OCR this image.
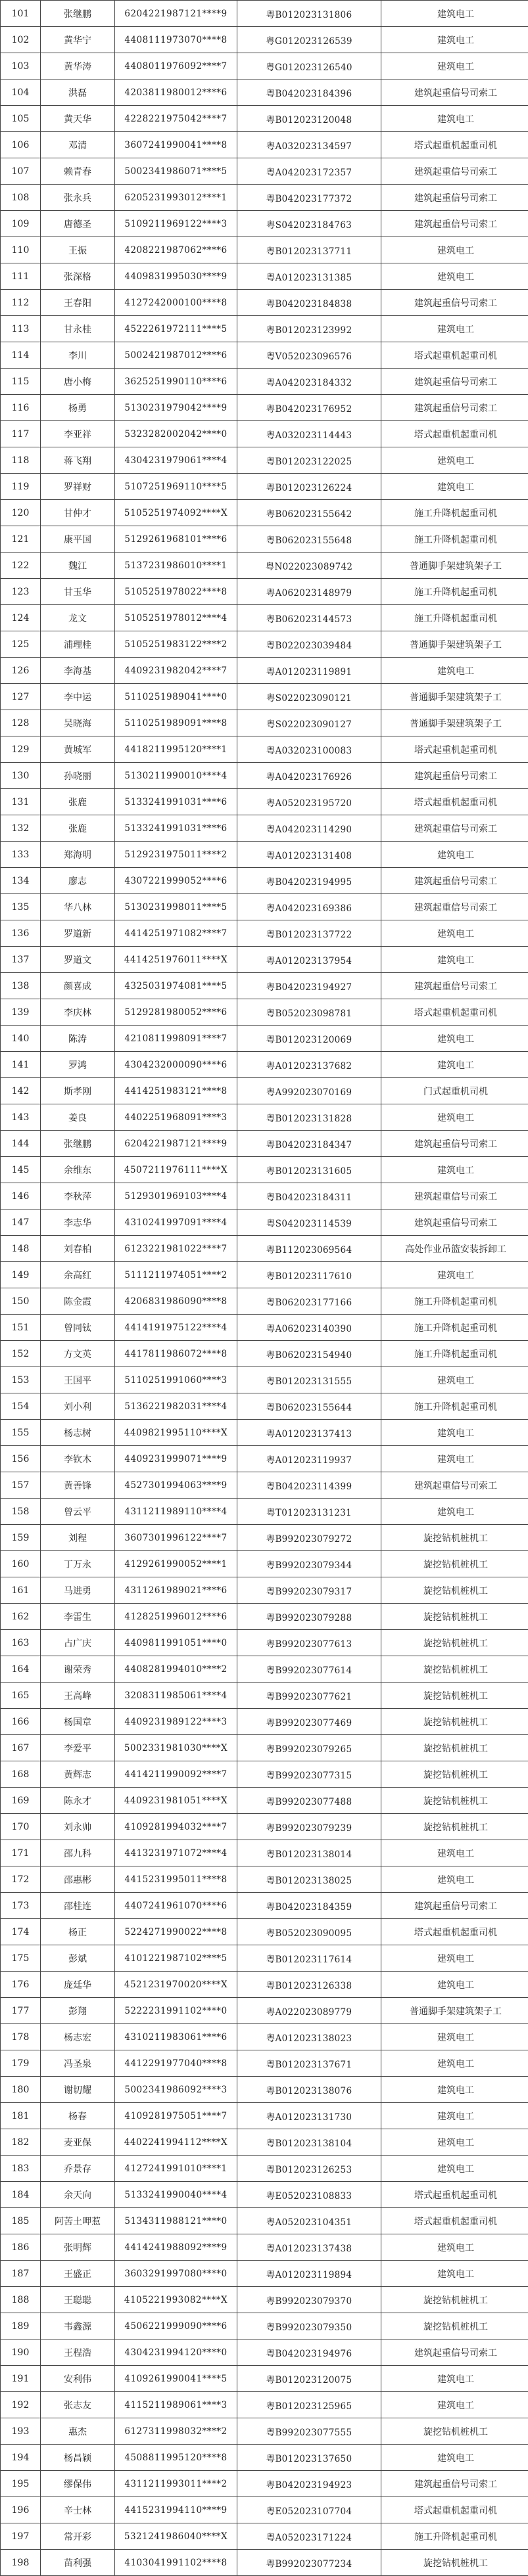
101	张继鹏	6204221987121****9	粤B012023131806	建筑电工
102	黄华宁	4408111973070****8	粤G012023126539	建筑电工
103	黄华涛	4408011976092****7	粤G012023126540	建筑电工
104	洪磊	4203811980012****6	粤B042023184396	建筑起重信号司索工
105	黄天华	4228221975042****7	粤B012023120048	建筑电工
106	邓清	3607241990041****8	粤A032023134597	塔式起重机起重司机
107	赖青春	5002341986071****5	粤A042023172357	建筑起重信号司索工
108	张永兵	6205231993012****1	粤B042023177372	建筑起重信号司索工
109	唐德圣	5109211969122****3	粤S042023184763	建筑起重信号司索工
110	王振	4208221987062****6	粤B012023137711	建筑电工
111	张深格	4409831995030****9	粤A012023131385	建筑电工
112	王春阳	4127242000100****8	粤B042023184838	建筑起重信号司索工
113	甘永桂	4522261972111****5	粤B012023123992	建筑电工
114	李川	5002421987012****6	粤V052023096576	塔式起重机起重司机
115	唐小梅	3625251990110****6	粤A042023184332	建筑起重信号司索工
116	杨勇	5130231979042****9	粤B042023176952	建筑起重信号司索工
117	李亚祥	5323282002042****0	粤A032023114443	塔式起重机起重司机
118	蒋飞翔	4304231979061****4	粤B012023122025	建筑电工
119	罗祥财	5107251969110****5	粤B012023126224	建筑电工
120	甘仲才	5105251974092****X	粤B062023155642	施工升降机起重司机
121	康平国	5129261968101****6	粤B062023155648	施工升降机起重司机
122	魏江	5137231986010****1	粤N022023089742	普通脚手架建筑架子工
123	甘玉华	5105251978022****8	粤A062023148979	施工升降机起重司机
124	龙文	5105251978012****4	粤B062023144573	施工升降机起重司机
125	浦理桂	5105251983122****2	粤B022023039484	普通脚手架建筑架子工
126	李海基	4409231982042****7	粤A012023119891	建筑电工
127	李中运	5110251989041****0	粤S022023090121	普通脚手架建筑架子工
128	吴晓海	5110251989091****8	粤S022023090127	普通脚手架建筑架子工
129	黄城军	4418211995120****1	粤A032023100083	塔式起重机起重司机
130	孙晓丽	5130211990010****4	粤A042023176926	建筑起重信号司索工
131	张鹿	5133241991031****6	粤A052023195720	塔式起重机起重司机
132	张鹿	5133241991031****6	粤A042023114290	建筑起重信号司索工
133	郑海明	5129231975011****2	粤A012023131408	建筑电工
134	廖志	4307221999052****6	粤B042023194995	建筑起重信号司索工
135	华八林	5130231998011****5	粤A042023169386	建筑起重信号司索工
136	罗道新	4414251971082****7	粤B012023137722	建筑电工
137	罗道文	4414251976011****X	粤A012023137954	建筑电工
138	颜喜成	4325031974081****5	粤B042023194927	建筑起重信号司索工
139	李庆林	5129281980052****6	粤B052023098781	塔式起重机起重司机
140	陈涛	4210811998091****7	粤B012023120069	建筑电工
141	罗鸿	4304232000090****6	粤A012023137682	建筑电工
142	斯孝刚	4414251983121****8	粤A992023070169	门式起重机司机
143	姜良	4402251968091****3	粤B012023131828	建筑电工
144	张继鹏	6204221987121****9	粤B042023184347	建筑起重信号司索工
145	余维东	4507211976111****X	粤B012023131605	建筑电工
146	李秋萍	5129301969103****4	粤B042023184311	建筑起重信号司索工
147	李志华	4310241997091****4	粤S042023114539	建筑起重信号司索工
148	刘春柏	6123221981022****7	粤B112023069564	高处作业吊篮安装拆卸工
149	余高红	5111211974051****2	粤B012023117610	建筑电工
150	陈金霞	4206831986090****8	粤B062023177166	施工升降机起重司机
151	曾同钛	4414191975122****4	粤A062023140390	施工升降机起重司机
152	方文英	4417811986072****8	粤B062023154940	施工升降机起重司机
153	王国平	5110251991060****3	粤B012023131555	建筑电工
154	刘小利	5136221982031****4	粤B062023155644	施工升降机起重司机
155	杨志树	4409821995110****X	粤A012023137413	建筑电工
156	李钦木	4409231999071****9	粤A012023119937	建筑电工
157	黄善锋	4527301994063****9	粤B042023114399	建筑起重信号司索工
158	曾云平	4311211989110****4	粤T012023131231	建筑电工
159	刘程	3607301996122****7	粤B992023079272	旋挖钻机桩机工
160	丁万永	4129261990052****1	粤B992023079344	旋挖钻机桩机工
161	马进勇	4311261989021****6	粤B992023079317	旋挖钻机桩机工
162	李雷生	4128251996012****6	粤B992023079288	旋挖钻机桩机工
163	占广庆	4409811991051****0	粤B992023077613	旋挖钻机桩机工
164	谢荣秀	4408281994010****2	粤B992023077614	旋挖钻机桩机工
165	王高峰	3208311985061****4	粤B992023077621	旋挖钻机桩机工
166	杨国章	4409231989122****3	粤B992023077469	旋挖钻机桩机工
167	李爱平	5002331981030****X	粤B992023079265	旋挖钻机桩机工
168	黄辉志	4414211990092****7	粤B992023077315	旋挖钻机桩机工
169	陈永才	4409231981051****X	粤B992023077488	旋挖钻机桩机工
170	刘永帅	4109281994032****7	粤B992023079239	旋挖钻机桩机工
171	邵九科	4413231971072****4	粤B012023138014	建筑电工
172	邵惠彬	4415231995011****8	粤B012023138025	建筑电工
173	邵桂连	4407241961070****6	粤B042023184359	建筑起重信号司索工
174	杨正	5224271990022****8	粤B052023090095	塔式起重机起重司机
175	彭斌	4101221987102****5	粤B012023117614	建筑电工
176	庞廷华	4521231970020****X	粤B012023126338	建筑电工
177	彭翔	5222231991102****0	粤A022023089779	普通脚手架建筑架子工
178	杨志宏	4310211983061****6	粤A012023138023	建筑电工
179	冯圣泉	4412291977040****8	粤B012023137671	建筑电工
180	谢切耀	5002341986092****3	粤B012023138076	建筑电工
181	杨春	4109281975051****7	粤A012023131730	建筑电工
182	麦亚保	4402241994112****X	粤B012023138104	建筑电工
183	乔景存	4127241991010****1	粤B012023126253	建筑电工
184	余天向	5133241990040****4	粤E052023108833	塔式起重机起重司机
185	阿苦土呷惹	5134311988121****0	粤A052023104351	塔式起重机起重司机
186	张明辉	4414241988092****9	粤A012023137438	建筑电工
187	王盛正	3603291997080****0	粤A012023119894	建筑电工
188	王聪聪	4105221993082****X	粤B992023079370	旋挖钻机桩机工
189	韦鑫源	4506221999090****6	粤B992023079350	旋挖钻机桩机工
190	王程浩	4304231994120****0	粤B042023194976	建筑起重信号司索工
191	安利伟	4109261990041****5	粤B012023120075	建筑电工
192	张志友	4115211989061****3	粤B012023125965	建筑电工
193	惠杰	6127311998032****2	粤B992023077555	旋挖钻机桩机工
194	杨昌颖	4508811995120****8	粤B012023137650	建筑电工
195	缪保伟	4311211993011****2	粤B042023194923	建筑起重信号司索工
196	辛士林	4415231994110****9	粤E052023107704	塔式起重机起重司机
197	常开彩	5321241986040****X	粤A052023171224	施工升降机起重司机
198	苗利强	4103041991102****8	粤B992023077234	旋挖钻机桩机工
